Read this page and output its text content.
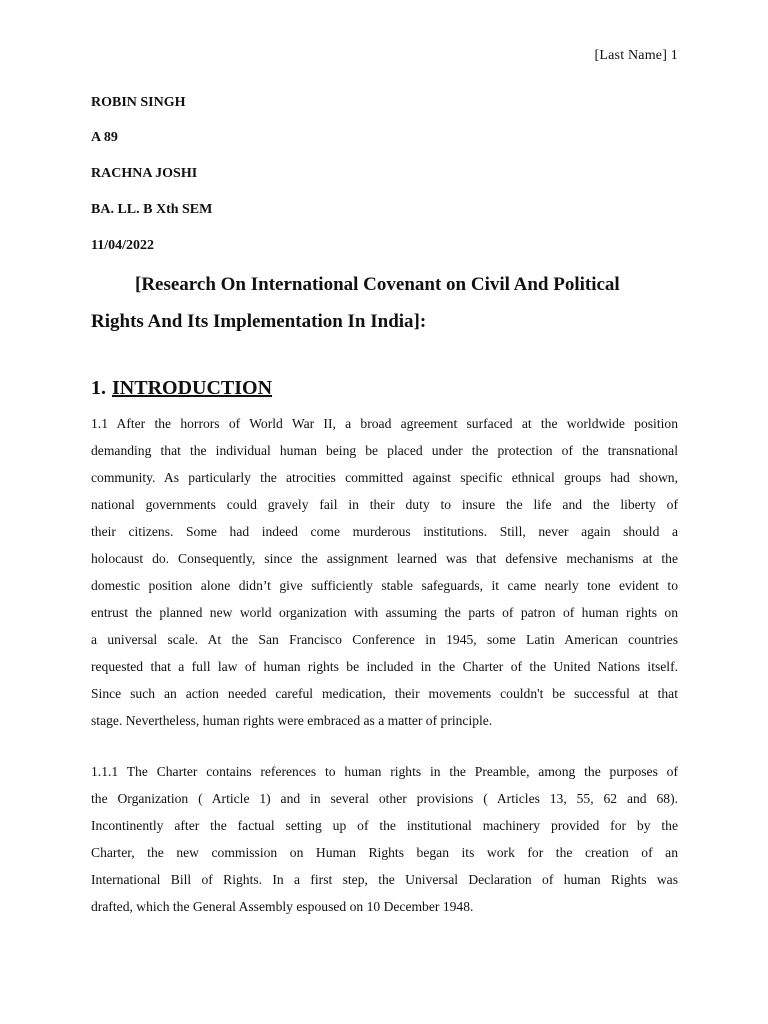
[Last Name] 1
ROBIN SINGH
A 89
RACHNA JOSHI
BA. LL. B Xth SEM
11/04/2022
[Research On International Covenant on Civil And Political
Rights And Its Implementation In India]:
1. INTRODUCTION
1.1 After the horrors of World War II, a broad agreement surfaced at the worldwide position
demanding that the individual human being be placed under the protection of the transnational
community. As particularly the atrocities committed against specific ethnical groups had shown,
national governments could gravely fail in their duty to insure the life and the liberty of
their citizens. Some had indeed come murderous institutions. Still, never again should a
holocaust do. Consequently, since the assignment learned was that defensive mechanisms at the
domestic position alone didn’t give sufficiently stable safeguards, it came nearly tone evident to
entrust the planned new world organization with assuming the parts of patron of human rights on
a universal scale. At the San Francisco Conference in 1945, some Latin American countries
requested that a full law of human rights be included in the Charter of the United Nations itself.
Since such an action needed careful medication, their movements couldn't be successful at that
stage. Nevertheless, human rights were embraced as a matter of principle.
1.1.1 The Charter contains references to human rights in the Preamble, among the purposes of
the Organization ( Article 1) and in several other provisions ( Articles 13, 55, 62 and 68).
Incontinently after the factual setting up of the institutional machinery provided for by the
Charter, the new commission on Human Rights began its work for the creation of an
International Bill of Rights. In a first step, the Universal Declaration of human Rights was
drafted, which the General Assembly espoused on 10 December 1948.
